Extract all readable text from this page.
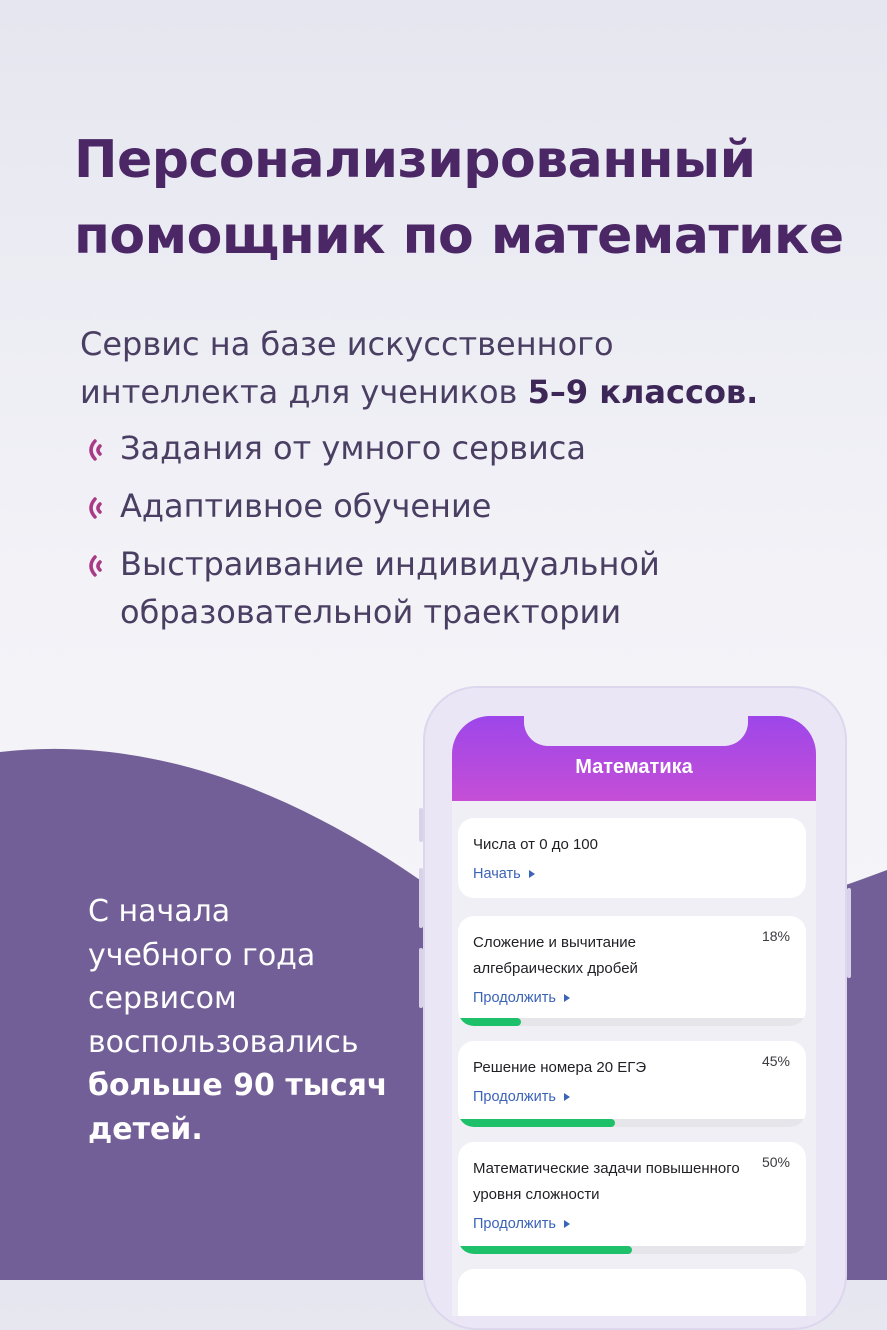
Персонализированный
помощник по математике

Сервис на базе искусственного
интеллекта для учеников 5–9 классов.

Задания от умного сервиса
Адаптивное обучение
Выстраивание индивидуальной
образовательной траектории

С начала
учебного года
сервисом
воспользовались
больше 90 тысяч
детей.

Математика
Числа от 0 до 100
Начать
Сложение и вычитание алгебраических дробей
18%
Продолжить
Решение номера 20 ЕГЭ	45%
Продолжить
Математические задачи повышенного уровня сложности
50%
Продолжить
